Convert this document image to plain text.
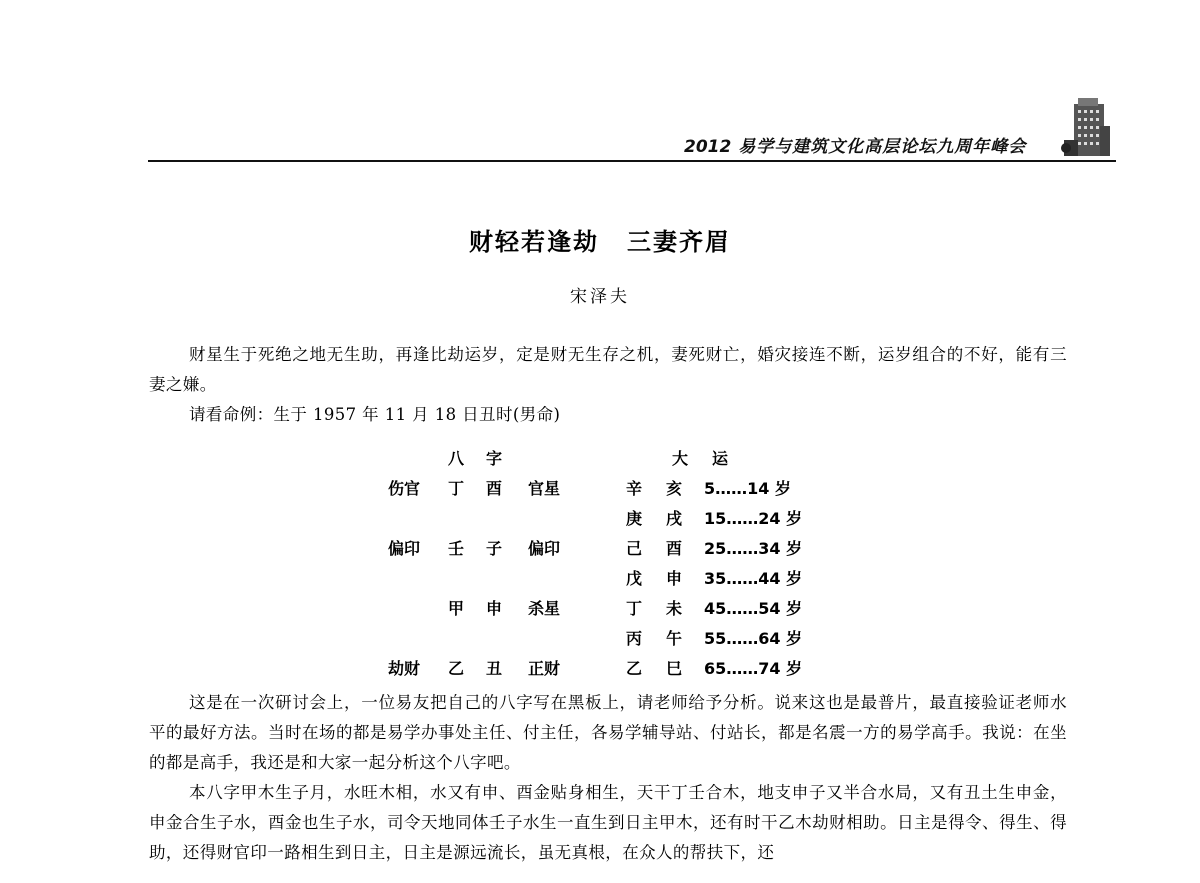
2012 易学与建筑文化高层论坛九周年峰会
财轻若逢劫 三妻齐眉
宋泽夫

财星生于死绝之地无生助，再逢比劫运岁，定是财无生存之机，妻死财亡，婚灾接连不断，运岁组合的不好，能有三妻之嫌。

请看命例：生于 1957 年 11 月 18 日丑时(男命)

八 字	大 运
伤官 丁 酉 官星
偏印 壬 子 偏印
甲 申 杀星
劫财 乙 丑 正财
辛 亥 5……14 岁
庚 戌 15……24 岁
己 酉 25……34 岁
戊 申 35……44 岁
丁 未 45……54 岁
丙 午 55……64 岁
乙 巳 65……74 岁

这是在一次研讨会上，一位易友把自己的八字写在黑板上，请老师给予分析。说来这也是最普片，最直接验证老师水平的最好方法。当时在场的都是易学办事处主任、付主任，各易学辅导站、付站长，都是名震一方的易学高手。我说：在坐的都是高手，我还是和大家一起分析这个八字吧。

本八字甲木生子月，水旺木相，水又有申、酉金贴身相生，天干丁壬合木，地支申子又半合水局，又有丑土生申金，申金合生子水，酉金也生子水，司令天地同体壬子水生一直生到日主甲木，还有时干乙木劫财相助。日主是得令、得生、得助，还得财官印一路相生到日主，日主是源远流长，虽无真根，在众人的帮扶下，还
